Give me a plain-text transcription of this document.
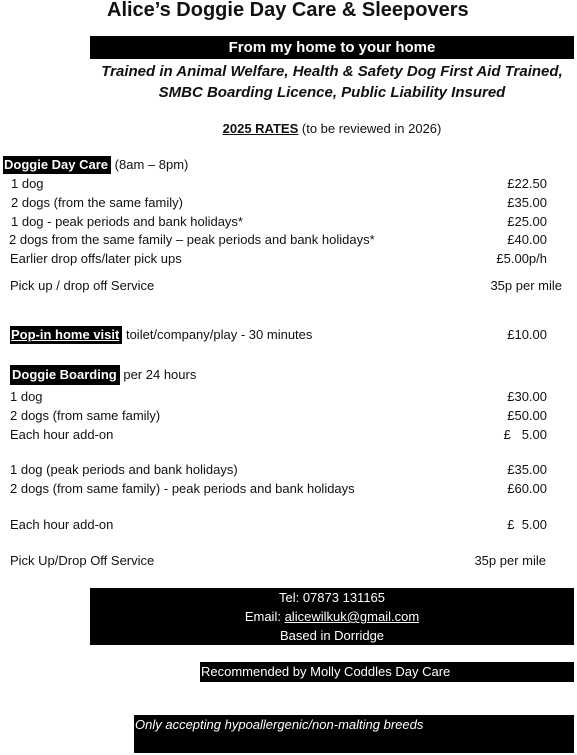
Alice’s Doggie Day Care & Sleepovers
From my home to your home
Trained in Animal Welfare, Health & Safety Dog First Aid Trained,
SMBC Boarding Licence, Public Liability Insured
2025 RATES (to be reviewed in 2026)
Doggie Day Care (8am – 8pm)
1 dog	£22.50
2 dogs (from the same family)	£35.00
1 dog - peak periods and bank holidays*	£25.00
2 dogs from the same family – peak periods and bank holidays*	£40.00
Earlier drop offs/later pick ups	£5.00p/h
Pick up / drop off Service	35p per mile
Pop-in home visit toilet/company/play - 30 minutes	£10.00
Doggie Boarding per 24 hours
1 dog	£30.00
2 dogs (from same family)	£50.00
Each hour add-on	£   5.00
1 dog (peak periods and bank holidays)	£35.00
2 dogs (from same family) - peak periods and bank holidays	£60.00
Each hour add-on	£  5.00
Pick Up/Drop Off Service	35p per mile
Tel: 07873 131165
Email: alicewilkuk@gmail.com
Based in Dorridge
Recommended by Molly Coddles Day Care
Only accepting hypoallergenic/non-malting breeds
